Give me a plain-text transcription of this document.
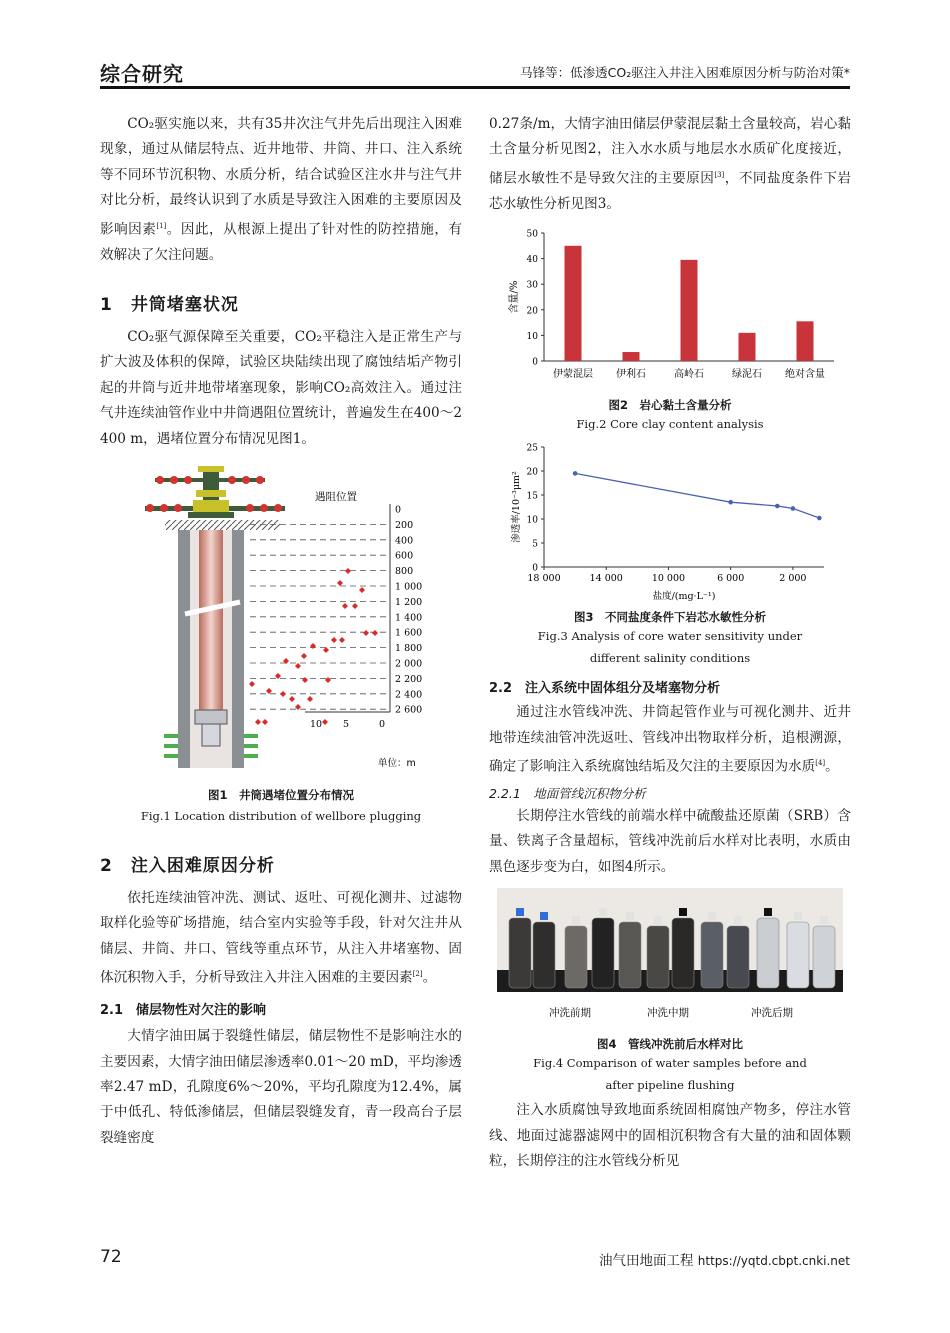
综合研究	马锋等：低渗透CO₂驱注入井注入困难原因分析与防治对策*

CO₂驱实施以来，共有35井次注气井先后出现注入困难现象，通过从储层特点、近井地带、井筒、井口、注入系统等不同环节沉积物、水质分析，结合试验区注水井与注气井对比分析，最终认识到了水质是导致注入困难的主要原因及影响因素[1]。因此，从根源上提出了针对性的防控措施，有效解决了欠注问题。

1　井筒堵塞状况

CO₂驱气源保障至关重要，CO₂平稳注入是正常生产与扩大波及体积的保障，试验区块陆续出现了腐蚀结垢产物引起的井筒与近井地带堵塞现象，影响CO₂高效注入。通过注气井连续油管作业中井筒遇阻位置统计，普遍发生在400～2 400 m，遇堵位置分布情况见图1。

遇阻位置
0
200
400
600
800
1 000
1 200
1 400
1 600
1 800
2 000
2 200
2 400
2 600
10 5	0
单位：m
图1　井筒遇堵位置分布情况
Fig.1 Location distribution of wellbore plugging
2　注入困难原因分析

依托连续油管冲洗、测试、返吐、可视化测井、过滤物取样化验等矿场措施，结合室内实验等手段，针对欠注井从储层、井筒、井口、管线等重点环节，从注入井堵塞物、固体沉积物入手，分析导致注入井注入困难的主要因素[2]。

2.1　储层物性对欠注的影响

大情字油田属于裂缝性储层，储层物性不是影响注水的主要因素，大情字油田储层渗透率0.01～20 mD，平均渗透率2.47 mD，孔隙度6%～20%，平均孔隙度为12.4%，属于中低孔、特低渗储层，但储层裂缝发育，青一段高台子层裂缝密度

0.27条/m，大情字油田储层伊蒙混层黏土含量较高，岩心黏土含量分析见图2，注入水水质与地层水水质矿化度接近，储层水敏性不是导致欠注的主要原因[3]，不同盐度条件下岩芯水敏性分析见图3。

0
10
20
30
40
50
含量/%
伊蒙混层 伊利石	高岭石	绿泥石 绝对含量
图2　岩心黏土含量分析
Fig.2 Core clay content analysis
0
5
10
15
20
25
18 000	14 000	10 000	6 000	2 000
渗透率/10⁻³μm²
盐度/(mg·L⁻¹)
图3　不同盐度条件下岩芯水敏性分析
Fig.3 Analysis of core water sensitivity under
different salinity conditions
2.2　注入系统中固体组分及堵塞物分析

通过注水管线冲洗、井筒起管作业与可视化测井、近井地带连续油管冲洗返吐、管线冲出物取样分析，追根溯源，确定了影响注入系统腐蚀结垢及欠注的主要原因为水质[4]。

2.2.1　地面管线沉积物分析

长期停注水管线的前端水样中硫酸盐还原菌（SRB）含量、铁离子含量超标，管线冲洗前后水样对比表明，水质由黑色逐步变为白，如图4所示。

冲洗前期	冲洗中期	冲洗后期
图4　管线冲洗前后水样对比
Fig.4 Comparison of water samples before and
after pipeline flushing

注入水质腐蚀导致地面系统固相腐蚀产物多，停注水管线、地面过滤器滤网中的固相沉积物含有大量的油和固体颗粒，长期停注的注水管线分析见

72	油气田地面工程 https://yqtd.cbpt.cnki.net
